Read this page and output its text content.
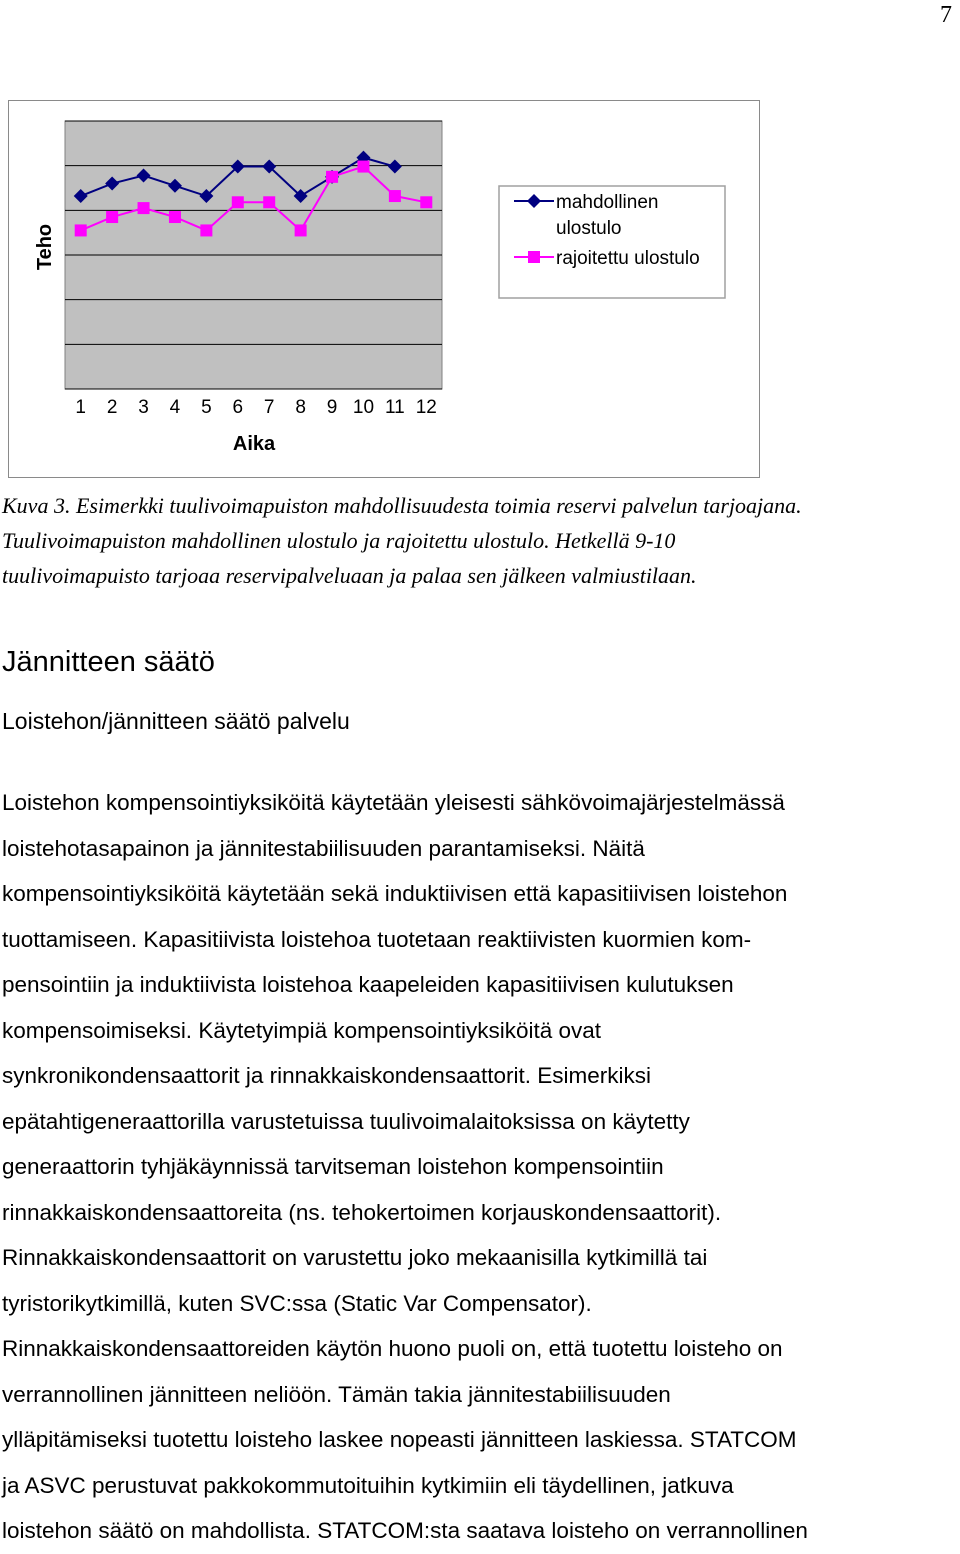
7
Teho
1 2 3 4 5 6 7 8 9 10 11 12
Aika
mahdollinen
ulostulo
rajoitettu ulostulo
Kuva 3. Esimerkki tuulivoimapuiston mahdollisuudesta toimia reservi palvelun tarjoajana.
Tuulivoimapuiston mahdollinen ulostulo ja rajoitettu ulostulo. Hetkellä 9-10
tuulivoimapuisto tarjoaa reservipalveluaan ja palaa sen jälkeen valmiustilaan.
Jännitteen säätö
Loistehon/jännitteen säätö palvelu
Loistehon kompensointiyksiköitä käytetään yleisesti sähkövoimajärjestelmässä
loistehotasapainon ja jännitestabiilisuuden parantamiseksi. Näitä
kompensointiyksiköitä käytetään sekä induktiivisen että kapasitiivisen loistehon
tuottamiseen. Kapasitiivista loistehoa tuotetaan reaktiivisten kuormien kom-
pensointiin ja induktiivista loistehoa kaapeleiden kapasitiivisen kulutuksen
kompensoimiseksi. Käytetyimpiä kompensointiyksiköitä ovat
synkronikondensaattorit ja rinnakkaiskondensaattorit. Esimerkiksi
epätahtigeneraattorilla varustetuissa tuulivoimalaitoksissa on käytetty
generaattorin tyhjäkäynnissä tarvitseman loistehon kompensointiin
rinnakkaiskondensaattoreita (ns. tehokertoimen korjauskondensaattorit).
Rinnakkaiskondensaattorit on varustettu joko mekaanisilla kytkimillä tai
tyristorikytkimillä, kuten SVC:ssa (Static Var Compensator).
Rinnakkaiskondensaattoreiden käytön huono puoli on, että tuotettu loisteho on
verrannollinen jännitteen neliöön. Tämän takia jännitestabiilisuuden
ylläpitämiseksi tuotettu loisteho laskee nopeasti jännitteen laskiessa. STATCOM
ja ASVC perustuvat pakkokommutoituihin kytkimiin eli täydellinen, jatkuva
loistehon säätö on mahdollista. STATCOM:sta saatava loisteho on verrannollinen
